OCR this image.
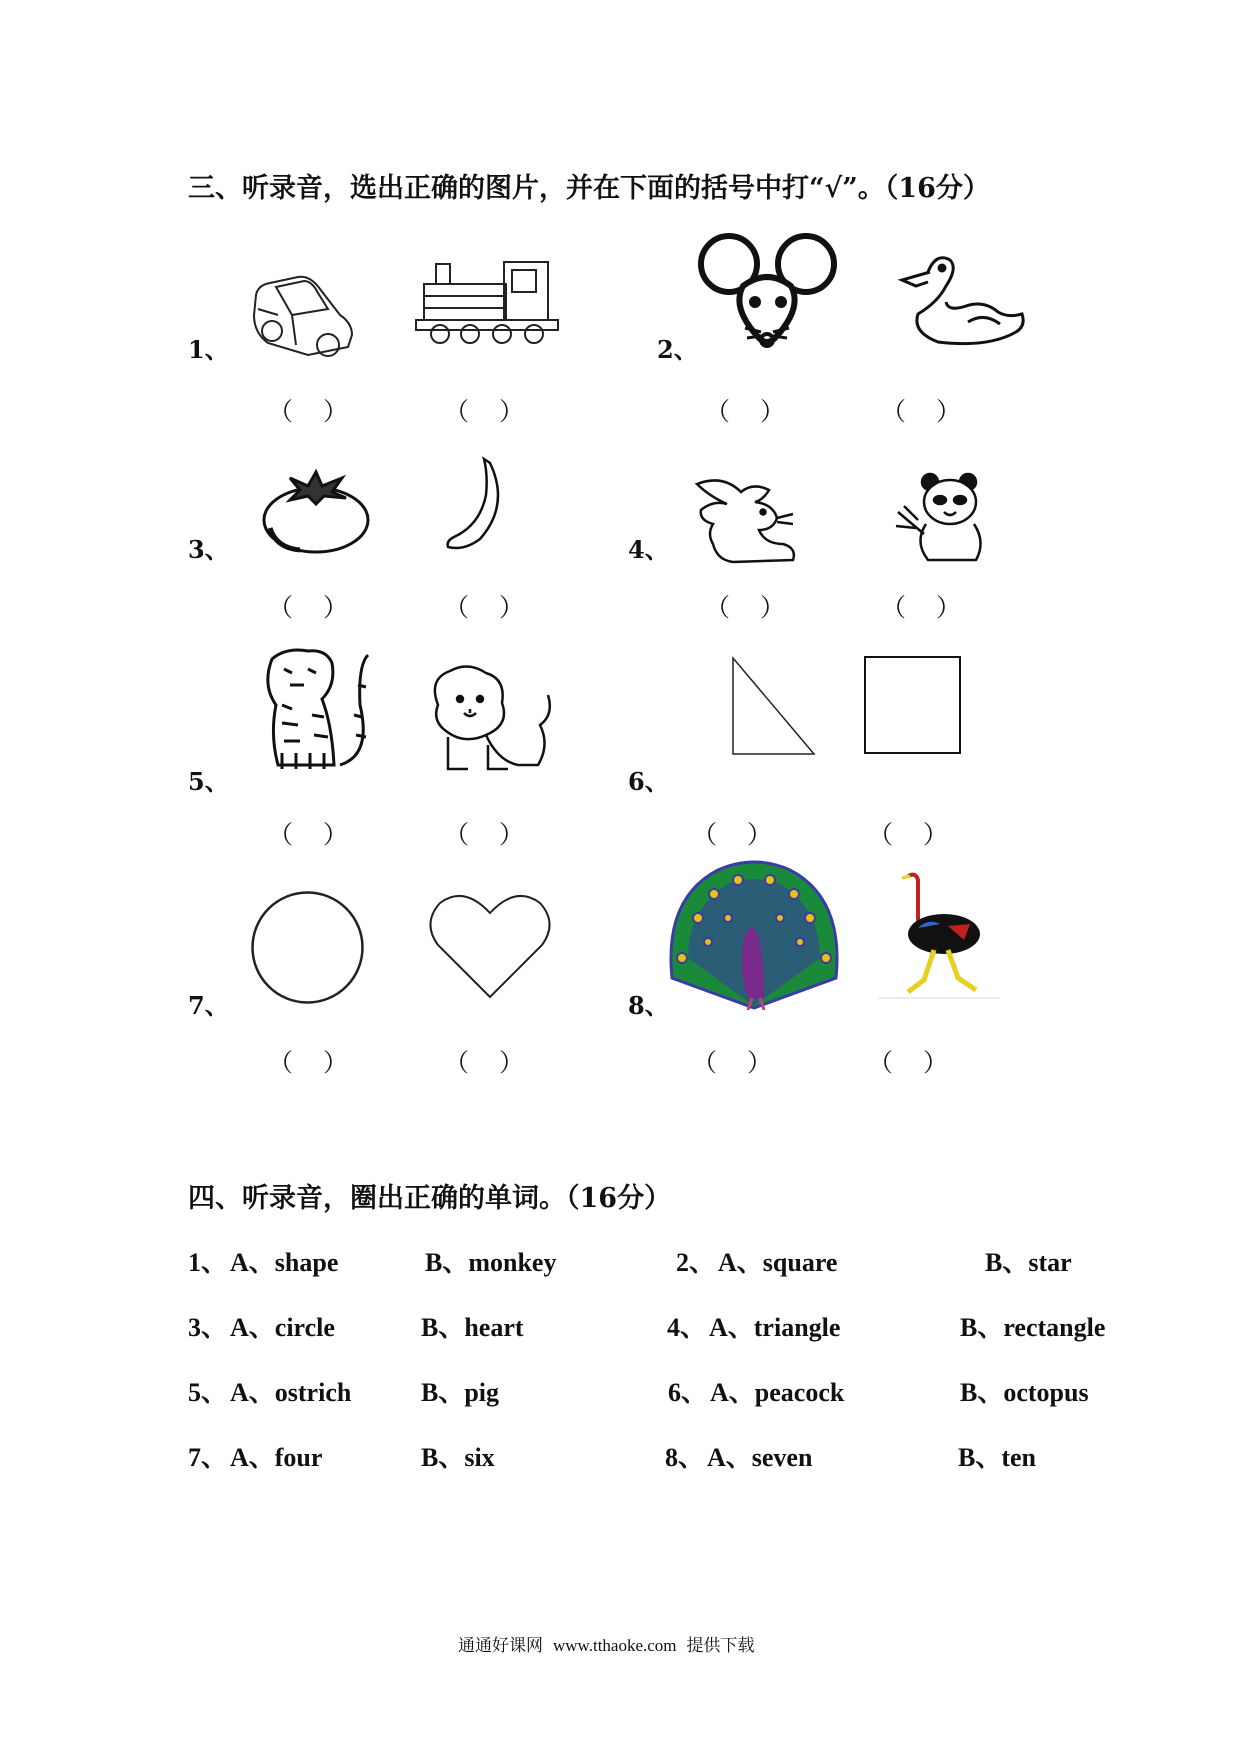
三、听录音，选出正确的图片，并在下面的括号中打“√”。（16分）
1、	2、
3、	4、
5、	6、
7、	8、
（ ）	（ ）	（ ）	（ ）
（ ）	（ ）	（ ）	（ ）
（ ）	（ ）	（ ）	（ ）
（ ）	（ ）	（ ）	（ ）
四、听录音，圈出正确的单词。（16分）
1、 A、shape	B、monkey	2、 A、square	B、star
3、 A、circle	B、heart	4、 A、triangle	B、rectangle
5、 A、ostrich	B、pig	6、 A、peacock	B、octopus
7、 A、four	B、six	8、 A、seven	B、ten
通通好课网 www.tthaoke.com 提供下载
